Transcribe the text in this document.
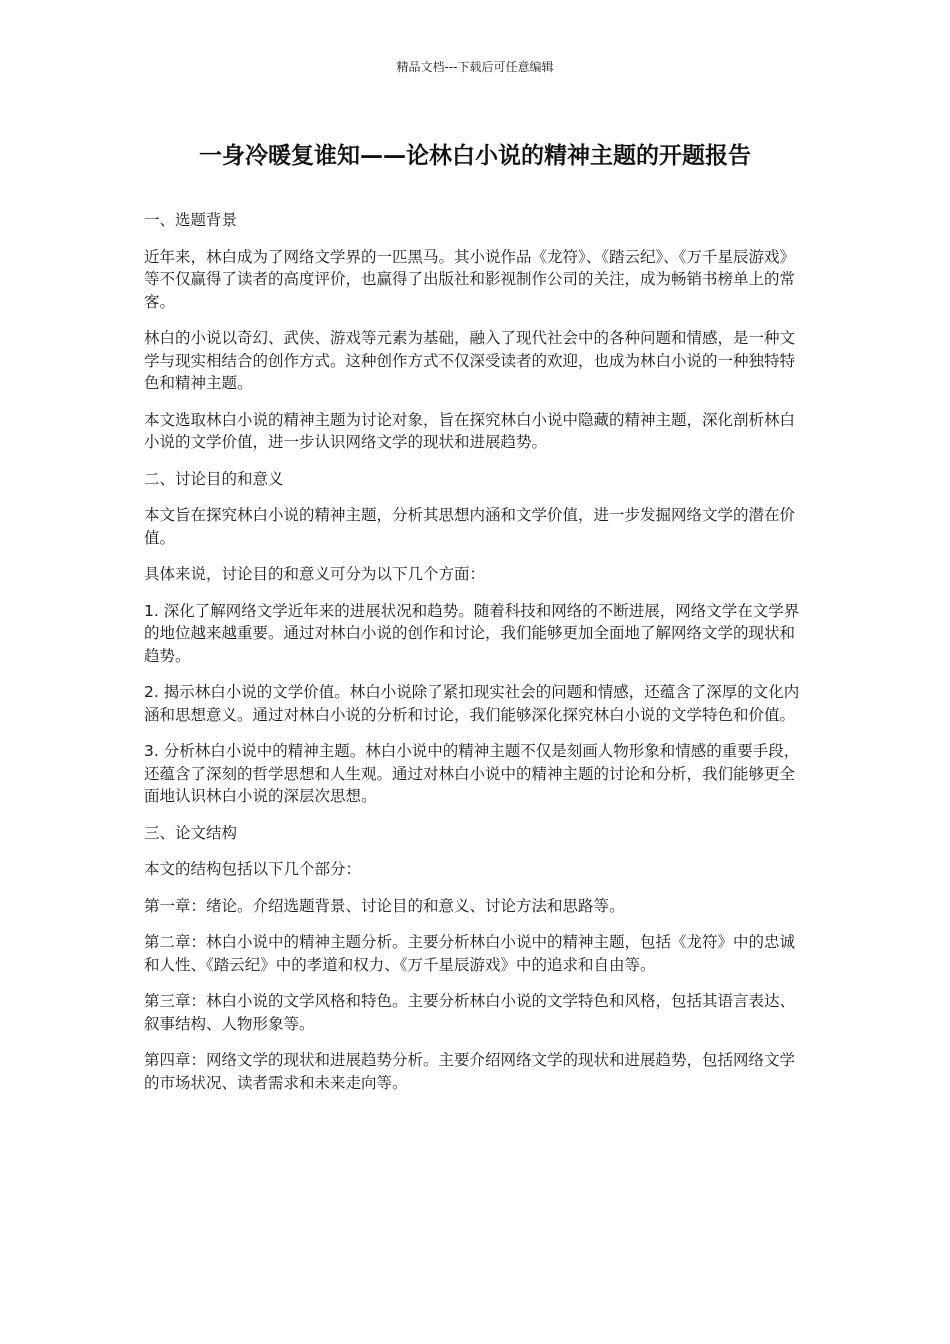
精品文档---下载后可任意编辑
一身冷暖复谁知——论林白小说的精神主题的开题报告

一、选题背景

近年来，林白成为了网络文学界的一匹黑马。其小说作品《龙符》、《踏云纪》、《万千星辰游戏》等不仅赢得了读者的高度评价，也赢得了出版社和影视制作公司的关注，成为畅销书榜单上的常客。

林白的小说以奇幻、武侠、游戏等元素为基础，融入了现代社会中的各种问题和情感，是一种文学与现实相结合的创作方式。这种创作方式不仅深受读者的欢迎，也成为林白小说的一种独特特色和精神主题。

本文选取林白小说的精神主题为讨论对象，旨在探究林白小说中隐藏的精神主题，深化剖析林白小说的文学价值，进一步认识网络文学的现状和进展趋势。

二、讨论目的和意义

本文旨在探究林白小说的精神主题，分析其思想内涵和文学价值，进一步发掘网络文学的潜在价值。

具体来说，讨论目的和意义可分为以下几个方面：

1. 深化了解网络文学近年来的进展状况和趋势。随着科技和网络的不断进展，网络文学在文学界的地位越来越重要。通过对林白小说的创作和讨论，我们能够更加全面地了解网络文学的现状和趋势。

2. 揭示林白小说的文学价值。林白小说除了紧扣现实社会的问题和情感，还蕴含了深厚的文化内涵和思想意义。通过对林白小说的分析和讨论，我们能够深化探究林白小说的文学特色和价值。

3. 分析林白小说中的精神主题。林白小说中的精神主题不仅是刻画人物形象和情感的重要手段，还蕴含了深刻的哲学思想和人生观。通过对林白小说中的精神主题的讨论和分析，我们能够更全面地认识林白小说的深层次思想。

三、论文结构

本文的结构包括以下几个部分：

第一章：绪论。介绍选题背景、讨论目的和意义、讨论方法和思路等。

第二章：林白小说中的精神主题分析。主要分析林白小说中的精神主题，包括《龙符》中的忠诚和人性、《踏云纪》中的孝道和权力、《万千星辰游戏》中的追求和自由等。

第三章：林白小说的文学风格和特色。主要分析林白小说的文学特色和风格，包括其语言表达、叙事结构、人物形象等。

第四章：网络文学的现状和进展趋势分析。主要介绍网络文学的现状和进展趋势，包括网络文学的市场状况、读者需求和未来走向等。
